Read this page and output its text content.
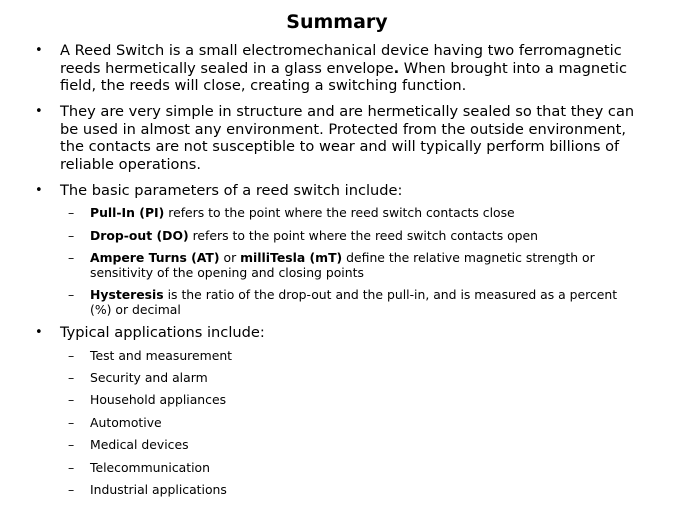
Summary
• A Reed Switch is a small electromechanical device having two ferromagnetic reeds hermetically sealed in a glass envelope. When brought into a magnetic field, the reeds will close, creating a switching function.
• They are very simple in structure and are hermetically sealed so that they can be used in almost any environment. Protected from the outside environment, the contacts are not susceptible to wear and will typically perform billions of reliable operations.
• The basic parameters of a reed switch include:
– Pull-In (PI) refers to the point where the reed switch contacts close
– Drop-out (DO) refers to the point where the reed switch contacts open
– Ampere Turns (AT) or milliTesla (mT) define the relative magnetic strength or sensitivity of the opening and closing points
– Hysteresis is the ratio of the drop-out and the pull-in, and is measured as a percent (%) or decimal
• Typical applications include:
– Test and measurement
– Security and alarm
– Household appliances
– Automotive
– Medical devices
– Telecommunication
– Industrial applications
